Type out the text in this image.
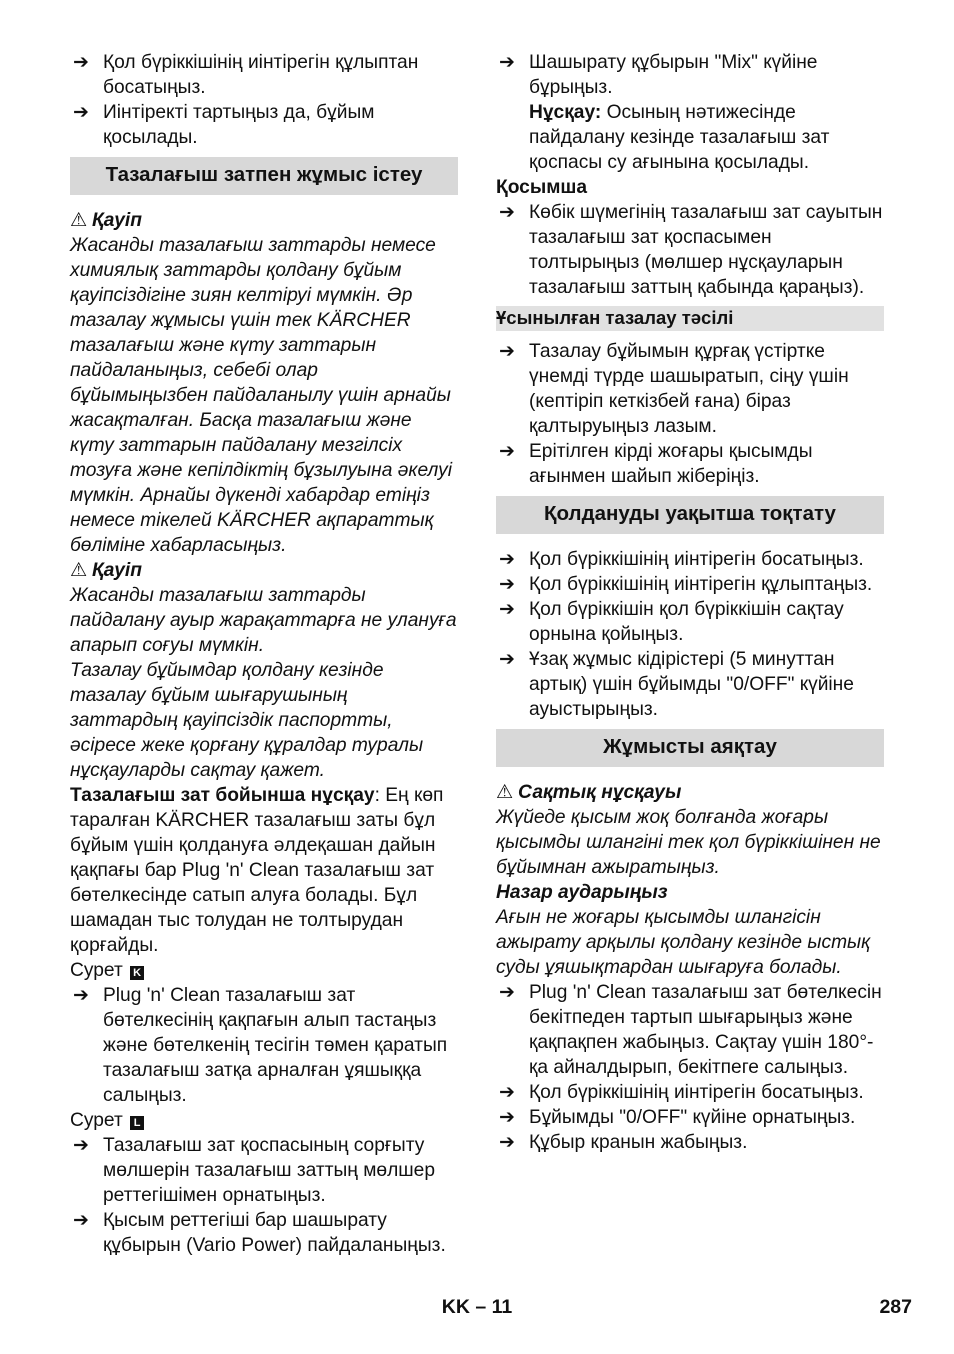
➔ Қол бүріккішінің иінтірегін құлыптан босатыңыз.
➔ Иінтіректі тартыңыз да, бұйым қосылады.
Тазалағыш затпен жұмыс істеу
⚠ Қауіп
Жасанды тазалағыш заттарды немесе химиялық заттарды қолдану бұйым қауіпсіздігіне зиян келтіруі мүмкін. Әр тазалау жұмысы үшін тек KÄRCHER тазалағыш және күту заттарын пайдаланыңыз, себебі олар бұйымыңызбен пайдаланылу үшін арнайы жасақталған. Басқа тазалағыш және күту заттарын пайдалану мезгілсіх тозуға және кепілдіктің бұзылуына әкелуі мүмкін. Арнайы дүкенді хабардар етіңіз немесе тікелей KÄRCHER ақпараттық бөліміне хабарласыңыз.
⚠ Қауіп
Жасанды тазалағыш заттарды пайдалану ауыр жарақаттарға не улануға апарып соғуы мүмкін.
Тазалау бұйымдар қолдану кезінде тазалау бұйым шығарушының заттардың қауіпсіздік паспортты, әсіресе жеке қорғану құралдар туралы нұсқауларды сақтау қажет.
Тазалағыш зат бойынша нұсқау: Ең көп таралған KÄRCHER тазалағыш заты бұл бұйым үшін қолдануға әлдеқашан дайын қақпағы бар Plug 'n' Clean тазалағыш зат бөтелкесінде сатып алуға болады. Бұл шамадан тыс толудан не толтырудан қорғайды.
Сурет K
➔ Plug 'n' Clean тазалағыш зат бөтелкесінің қақпағын алып тастаңыз және бөтелкенің тесігін төмен қаратып тазалағыш затқа арналған ұяшыққа салыңыз.
Сурет L
➔ Тазалағыш зат қоспасының сорғыту мөлшерін тазалағыш заттың мөлшер реттегішімен орнатыңыз.
➔ Қысым реттегіші бар шашырату құбырын (Vario Power) пайдаланыңыз.
➔ Шашырату құбырын "Mix" күйіне бұрыңыз.
Нұсқау: Осының нәтижесінде пайдалану кезінде тазалағыш зат қоспасы су ағынына қосылады.
Қосымша
➔ Көбік шүмегінің тазалағыш зат сауытын тазалағыш зат қоспасымен толтырыңыз (мөлшер нұсқауларын тазалағыш заттың қабында қараңыз).
Ұсынылған тазалау тәсілі
➔ Тазалау бұйымын құрғақ үстіртке үнемді түрде шашыратып, сіңу үшін (кептіріп кеткізбей ғана) біраз қалтыруыңыз лазым.
➔ Ерітілген кірді жоғары қысымды ағынмен шайып жіберіңіз.
Қолдануды уақытша тоқтату
➔ Қол бүріккішінің иінтірегін босатыңыз.
➔ Қол бүріккішінің иінтірегін құлыптаңыз.
➔ Қол бүріккішін қол бүріккішін сақтау орнына қойыңыз.
➔ Ұзақ жұмыс кідірістері (5 минуттан артық) үшін бұйымды "0/OFF" күйіне ауыстырыңыз.
Жұмысты аяқтау
⚠ Сақтық нұсқауы
Жүйеде қысым жоқ болғанда жоғары қысымды шлангіні тек қол бүріккішінен не бұйымнан ажыратыңыз.
Назар аударыңыз
Ағын не жоғары қысымды шлангісін ажырату арқылы қолдану кезінде ыстық суды ұяшықтардан шығаруға болады.
➔ Plug 'n' Clean тазалағыш зат бөтелкесін бекітпеден тартып шығарыңыз және қақпақпен жабыңыз. Сақтау үшін 180°-қа айналдырып, бекітпеге салыңыз.
➔ Қол бүріккішінің иінтірегін босатыңыз.
➔ Бұйымды "0/OFF" күйіне орнатыңыз.
➔ Құбыр кранын жабыңыз.
KK – 11	287
